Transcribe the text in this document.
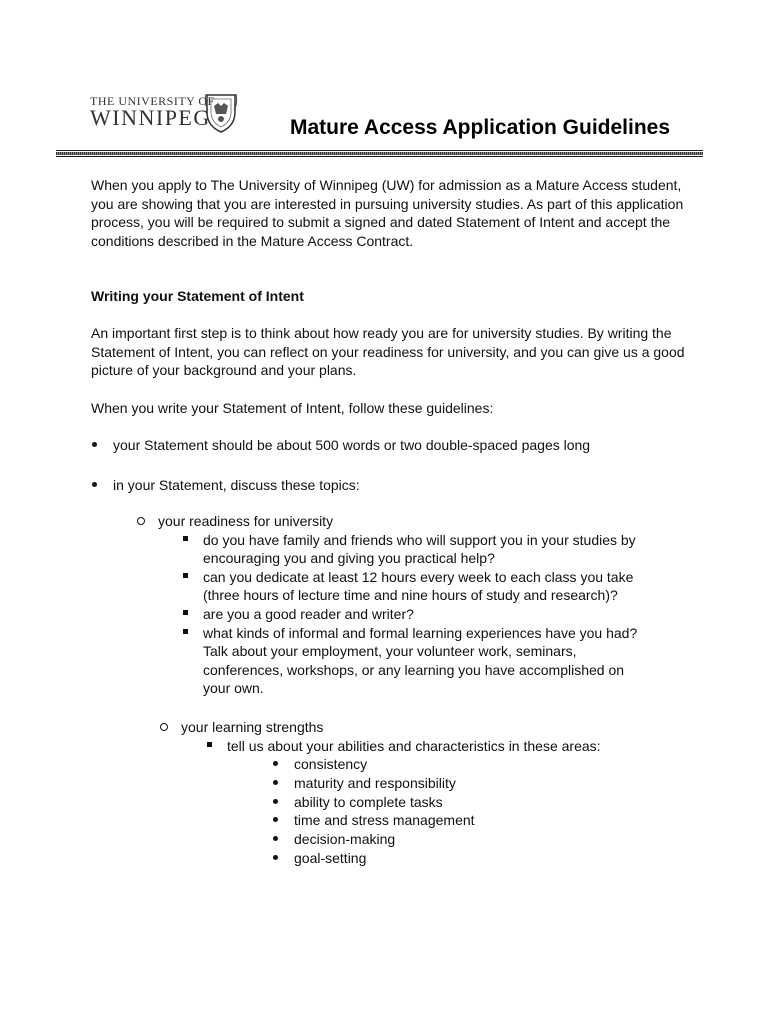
THE UNIVERSITY OF
WINNIPEG	Mature Access Application Guidelines

When you apply to The University of Winnipeg (UW) for admission as a Mature Access student, you are showing that you are interested in pursuing university studies. As part of this application process, you will be required to submit a signed and dated Statement of Intent and accept the conditions described in the Mature Access Contract.

Writing your Statement of Intent

An important first step is to think about how ready you are for university studies. By writing the Statement of Intent, you can reflect on your readiness for university, and you can give us a good picture of your background and your plans.

When you write your Statement of Intent, follow these guidelines:

your Statement should be about 500 words or two double-spaced pages long
in your Statement, discuss these topics:
your readiness for university
do you have family and friends who will support you in your studies by
encouraging you and giving you practical help?
can you dedicate at least 12 hours every week to each class you take
(three hours of lecture time and nine hours of study and research)?
are you a good reader and writer?
what kinds of informal and formal learning experiences have you had?
Talk about your employment, your volunteer work, seminars,
conferences, workshops, or any learning you have accomplished on
your own.
your learning strengths
tell us about your abilities and characteristics in these areas:
consistency
maturity and responsibility
ability to complete tasks
time and stress management
decision-making
goal-setting
